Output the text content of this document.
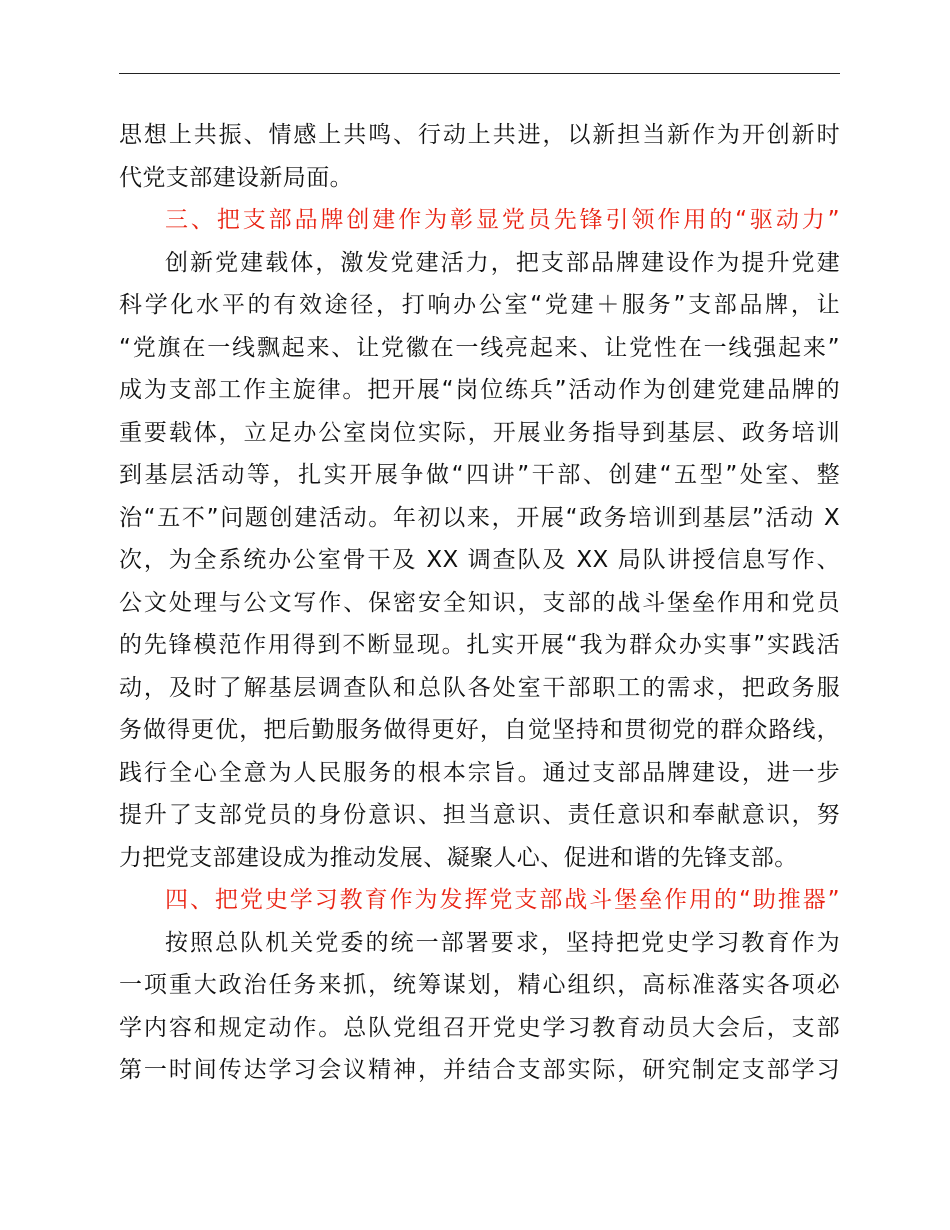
思想上共振、情感上共鸣、行动上共进，以新担当新作为开创新时
代党支部建设新局面。
三、把支部品牌创建作为彰显党员先锋引领作用的“驱动力”
创新党建载体，激发党建活力，把支部品牌建设作为提升党建
科学化水平的有效途径，打响办公室“党建＋服务”支部品牌，让
“党旗在一线飘起来、让党徽在一线亮起来、让党性在一线强起来”
成为支部工作主旋律。把开展“岗位练兵”活动作为创建党建品牌的
重要载体，立足办公室岗位实际，开展业务指导到基层、政务培训
到基层活动等，扎实开展争做“四讲”干部、创建“五型”处室、整
治“五不”问题创建活动。年初以来，开展“政务培训到基层”活动 X
次，为全系统办公室骨干及 XX 调查队及 XX 局队讲授信息写作、
公文处理与公文写作、保密安全知识，支部的战斗堡垒作用和党员
的先锋模范作用得到不断显现。扎实开展“我为群众办实事”实践活
动，及时了解基层调查队和总队各处室干部职工的需求，把政务服
务做得更优，把后勤服务做得更好，自觉坚持和贯彻党的群众路线，
践行全心全意为人民服务的根本宗旨。通过支部品牌建设，进一步
提升了支部党员的身份意识、担当意识、责任意识和奉献意识，努
力把党支部建设成为推动发展、凝聚人心、促进和谐的先锋支部。
四、把党史学习教育作为发挥党支部战斗堡垒作用的“助推器”
按照总队机关党委的统一部署要求，坚持把党史学习教育作为
一项重大政治任务来抓，统筹谋划，精心组织，高标准落实各项必
学内容和规定动作。总队党组召开党史学习教育动员大会后，支部
第一时间传达学习会议精神，并结合支部实际，研究制定支部学习
